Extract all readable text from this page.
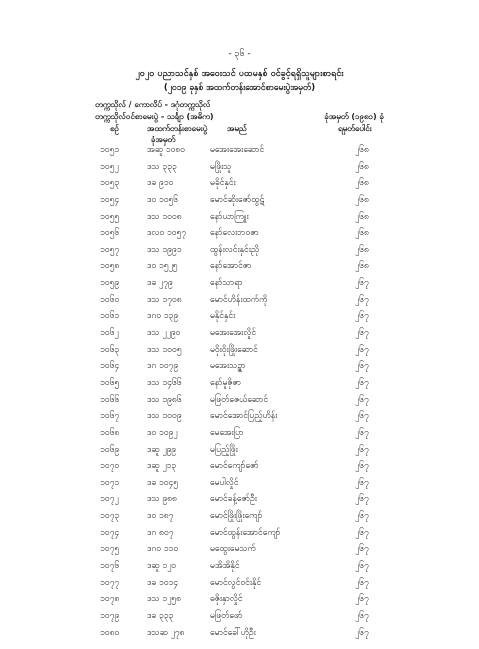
- ၃၆ -
၂၀၂၀ ပညာသင်နှစ် အဝေးသင် ပထမနှစ် ဝင်ခွင့်ရရှိသူများစာရင်း
(၂၀၁၉ ခုနှစ် အထက်တန်းအောင်စာမေးပွဲအမှတ်)
တက္ကသိုလ် / ကောလိပ် - ဒဂုံတက္ကသိုလ်
တက္ကသိုလ်ဝင်စာမေးပွဲ - သင်္ချာ (အဓိက)	ခုံအမှတ် (၁၉၈၁) ခုံ
စဉ်	အထက်တန်းစာမေးပွဲ
ခုံအမှတ်
အမည်	ရမှတ်ပေါင်း
၁၀၅၁	အဆူ ၁၀၈၀	မအေးအေးဆောင်	၂၆၈
၁၀၅၂	ဒသ ၃၃၃	မဖြိုးသူ	၂၆၈
၁၀၅၃	ဒခ ၉၁၀	မခိုင်နှင်း	၂၆၈
၁၀၅၄	ဒဝ ၁၀၅၆	မောင်ဆိုးဇော်ထွဋ်	၂၆၈
၁၀၅၅	ဒသ ၁၀၀၈	နော်ယာကြူး	၂၆၈
၁၀၅၆	ဒလဝ ၁၀၅၇	နော်လေးဘဝဇာ	၂၆၈
၁၀၅၇	ဒသ ၁၉၉၁	ထွန်းလင်းနှင်းညို	၂၆၈
၁၀၅၈	ဒဝ ၁၅၂၅	နော်အောင်ဇာ	၂၆၈
၁၀၅၉	ဒခ ၂၇၉	နော်သာရာ	၂၆၇
၁၀၆၀	ဒသ ၁၇၀၈	မောင်ဟိန်းထက်ကို	၂၆၇
၁၀၆၁	ဒဂဝ ၁၃၉	မနိုင်နှင်း	၂၆၇
၁၀၆၂	ဒသ ၂၂၉၀	မအေးအေးလှိုင်	၂၆၇
၁၀၆၃	ဒသ ၁၀၀၅	မဝိုးဝိုးဖြိုးဆောင်	၂၆၇
၁၀၆၄	ဒဂ ၁၀၇၉	မအေးသဉ္ဇာ	၂၆၇
၁၀၆၅	ဒသ ၁၄၆၆	နော်မူဇိုဇာ	၂၆၇
၁၀၆၆	ဒသ ၁၉၈၆	မဖြတ်ဇေယ်ဆောင်	၂၆၇
၁၀၆၇	ဒသ ၁၀၀၉	မောင်အောင်ပြည့်ဟိန်း	၂၆၇
၁၀၆၈	ဒဝ ၁၀၉၂	မေအေးပြာ	၂၆၇
၁၀၆၉	ဒဆူ ၂၉၉	မပြည့်ဖြိုး	၂၆၇
၁၀၇၀	ဒဆူ ၂၁၃	မောင်ကျော်ဇော်	၂၆၇
၁၀၇၁	ဒခ ၁၀၄၅	မေပါလှိုင်	၂၆၇
၁၀၇၂	ဒသ ၉၈၈	မောင်ခန့်ဇော်ဦး	၂၆၇
၁၀၇၃	ဒဝ ၁၈၇	မောင်ဖြိုးဖြိုးကျော်	၂၆၇
၁၀၇၄	ဒဂ ၈၀၇	မောင်ထွန်းအောင်ကျော်	၂၆၇
၁၀၇၅	ဒဂဝ ၁၁၀	မထွေးမေသက်	၂၆၇
၁၀၇၆	ဒဆူ ၁၂၀	မအိအိနိုင်	၂၆၇
၁၀၇၇	ဒခ ၁၀၁၄	မောင်လွင်ဝင်းနိုင်	၂၆၇
၁၀၇၈	ဒသ ၁၂၅၈	ဓဇိုးနှာလှိုင်	၂၆၇
၁၀၇၉	ဒခ ၃၃၃	မဖြတ်ဖော်	၂၆၇
၁၀၈၀	ဒသဆ ၂၇၈	မောင်ခေါ်ဟိုဦး	၂၆၇
